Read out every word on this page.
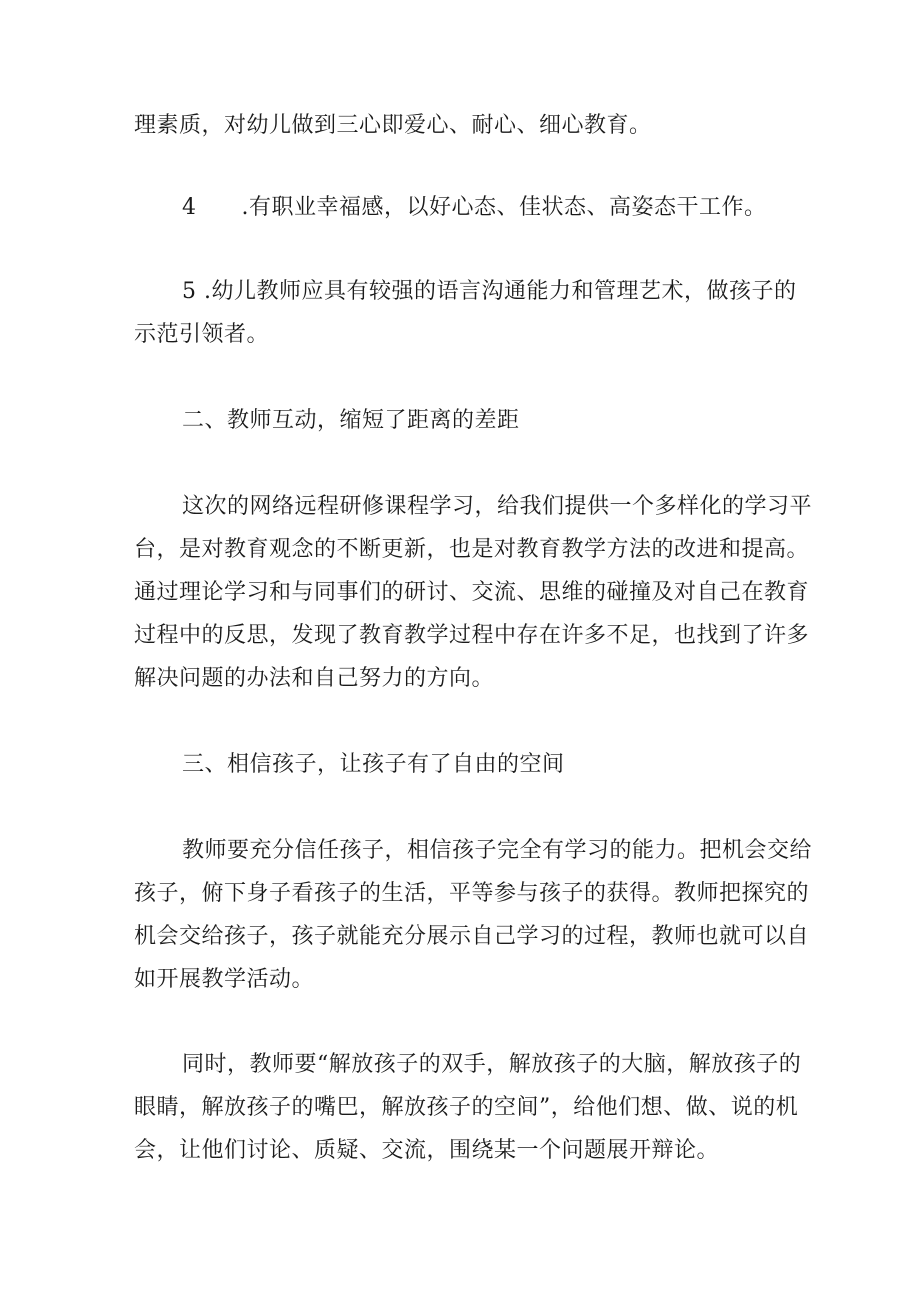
理素质，对幼儿做到三心即爱心、耐心、细心教育。

4　　.有职业幸福感，以好心态、佳状态、高姿态干工作。

5 .幼儿教师应具有较强的语言沟通能力和管理艺术，做孩子的示范引领者。

二、教师互动，缩短了距离的差距

这次的网络远程研修课程学习，给我们提供一个多样化的学习平台，是对教育观念的不断更新，也是对教育教学方法的改进和提高。通过理论学习和与同事们的研讨、交流、思维的碰撞及对自己在教育过程中的反思，发现了教育教学过程中存在许多不足，也找到了许多解决问题的办法和自己努力的方向。

三、相信孩子，让孩子有了自由的空间

教师要充分信任孩子，相信孩子完全有学习的能力。把机会交给孩子，俯下身子看孩子的生活，平等参与孩子的获得。教师把探究的机会交给孩子，孩子就能充分展示自己学习的过程，教师也就可以自如开展教学活动。

同时，教师要“解放孩子的双手，解放孩子的大脑，解放孩子的眼睛，解放孩子的嘴巴，解放孩子的空间”，给他们想、做、说的机会，让他们讨论、质疑、交流，围绕某一个问题展开辩论。
